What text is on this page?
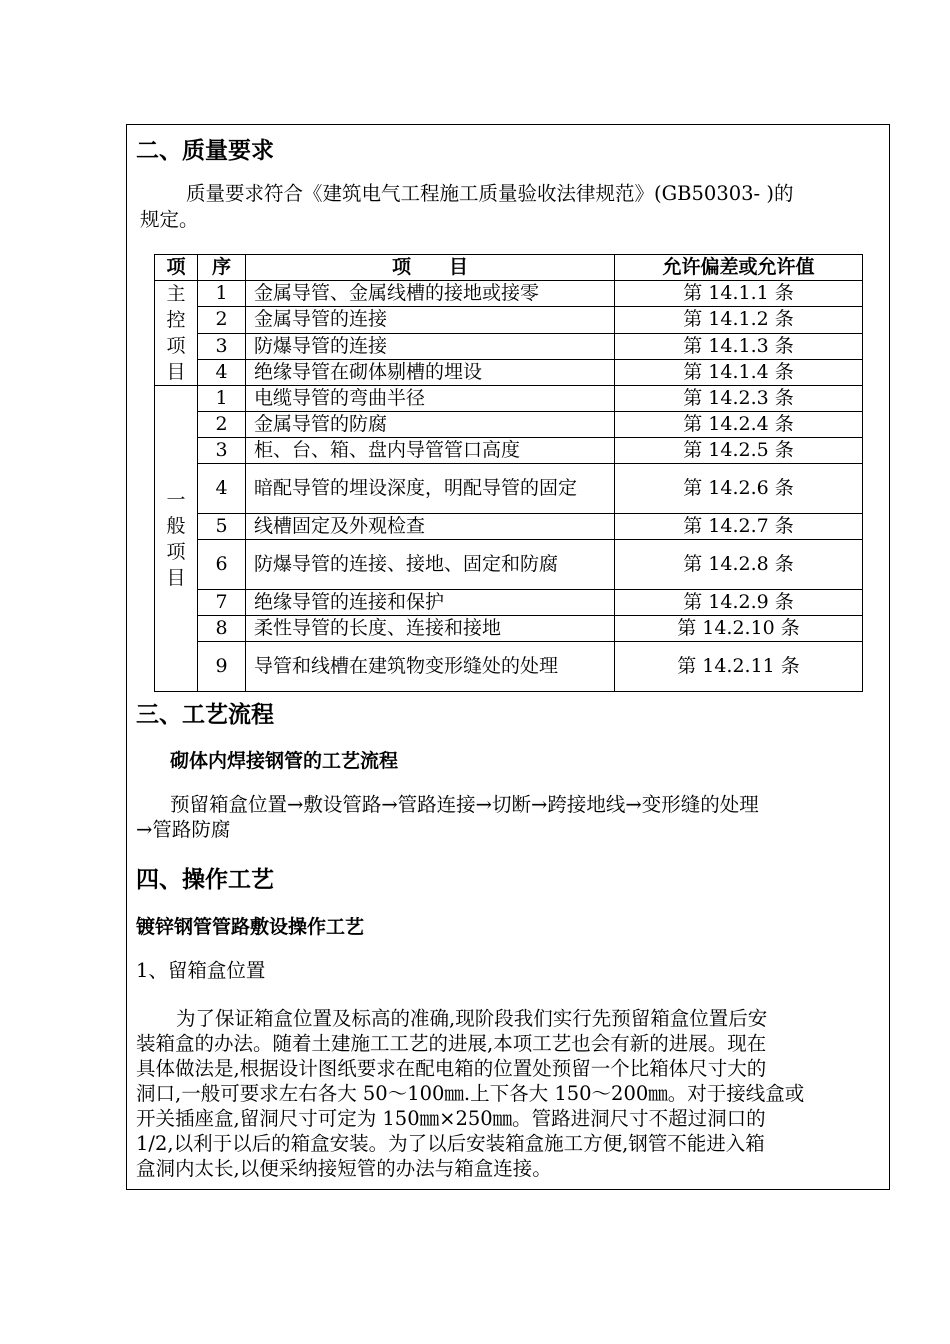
二、质量要求
质量要求符合《建筑电气工程施工质量验收法律规范》(GB50303- )的
规定。
项	序	项　　目	允许偏差或允许值
主控项目	1	金属导管、金属线槽的接地或接零	第 14.1.1 条
	2	金属导管的连接	第 14.1.2 条
	3	防爆导管的连接	第 14.1.3 条
	4	绝缘导管在砌体剔槽的埋设	第 14.1.4 条
一般项目	1	电缆导管的弯曲半径	第 14.2.3 条
	2	金属导管的防腐	第 14.2.4 条
	3	柜、台、箱、盘内导管管口高度	第 14.2.5 条
	4	暗配导管的埋设深度，明配导管的固定	第 14.2.6 条
	5	线槽固定及外观检查	第 14.2.7 条
	6	防爆导管的连接、接地、固定和防腐	第 14.2.8 条
	7	绝缘导管的连接和保护	第 14.2.9 条
	8	柔性导管的长度、连接和接地	第 14.2.10 条
	9	导管和线槽在建筑物变形缝处的处理	第 14.2.11 条
三、工艺流程
砌体内焊接钢管的工艺流程
预留箱盒位置→敷设管路→管路连接→切断→跨接地线→变形缝的处理
→管路防腐
四、操作工艺
镀锌钢管管路敷设操作工艺
1、留箱盒位置
为了保证箱盒位置及标高的准确,现阶段我们实行先预留箱盒位置后安
装箱盒的办法。随着土建施工工艺的进展,本项工艺也会有新的进展。现在
具体做法是,根据设计图纸要求在配电箱的位置处预留一个比箱体尺寸大的
洞口,一般可要求左右各大 50～100㎜.上下各大 150～200㎜。对于接线盒或
开关插座盒,留洞尺寸可定为 150㎜×250㎜。管路进洞尺寸不超过洞口的
1/2,以利于以后的箱盒安装。为了以后安装箱盒施工方便,钢管不能进入箱
盒洞内太长,以便采纳接短管的办法与箱盒连接。
